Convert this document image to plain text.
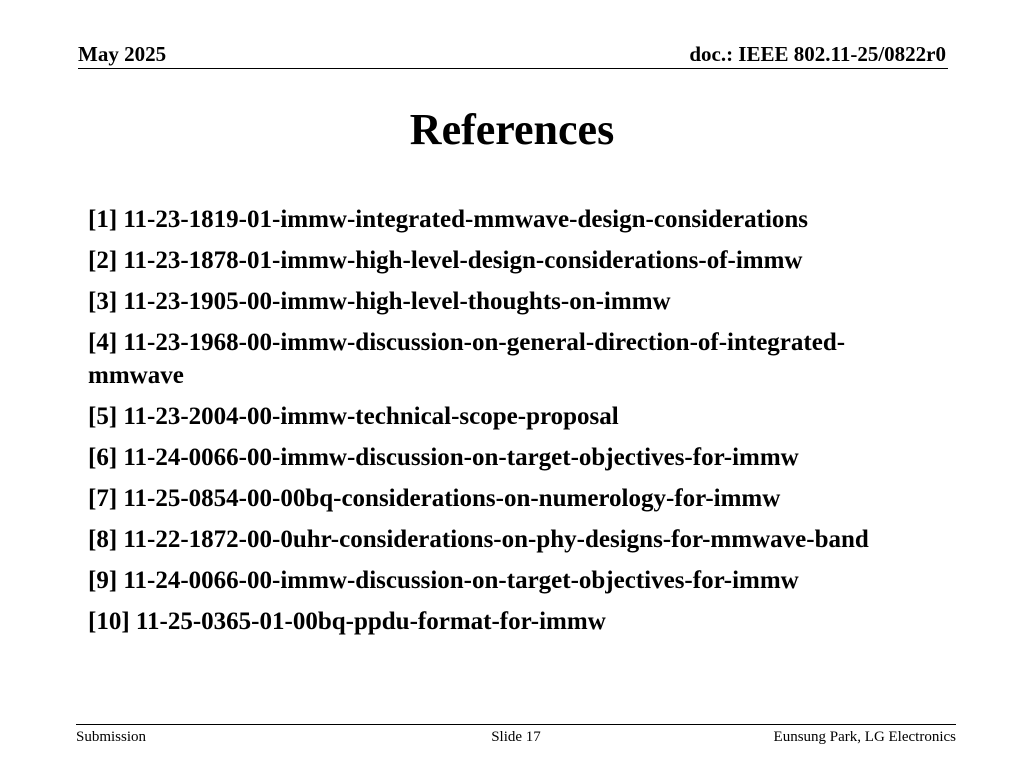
May 2025	doc.: IEEE 802.11-25/0822r0
References
[1] 11-23-1819-01-immw-integrated-mmwave-design-considerations
[2] 11-23-1878-01-immw-high-level-design-considerations-of-immw
[3] 11-23-1905-00-immw-high-level-thoughts-on-immw
[4] 11-23-1968-00-immw-discussion-on-general-direction-of-integrated-mmwave
[5] 11-23-2004-00-immw-technical-scope-proposal
[6] 11-24-0066-00-immw-discussion-on-target-objectives-for-immw
[7] 11-25-0854-00-00bq-considerations-on-numerology-for-immw
[8] 11-22-1872-00-0uhr-considerations-on-phy-designs-for-mmwave-band
[9] 11-24-0066-00-immw-discussion-on-target-objectives-for-immw
[10] 11-25-0365-01-00bq-ppdu-format-for-immw
Submission	Slide 17	Eunsung Park, LG Electronics
